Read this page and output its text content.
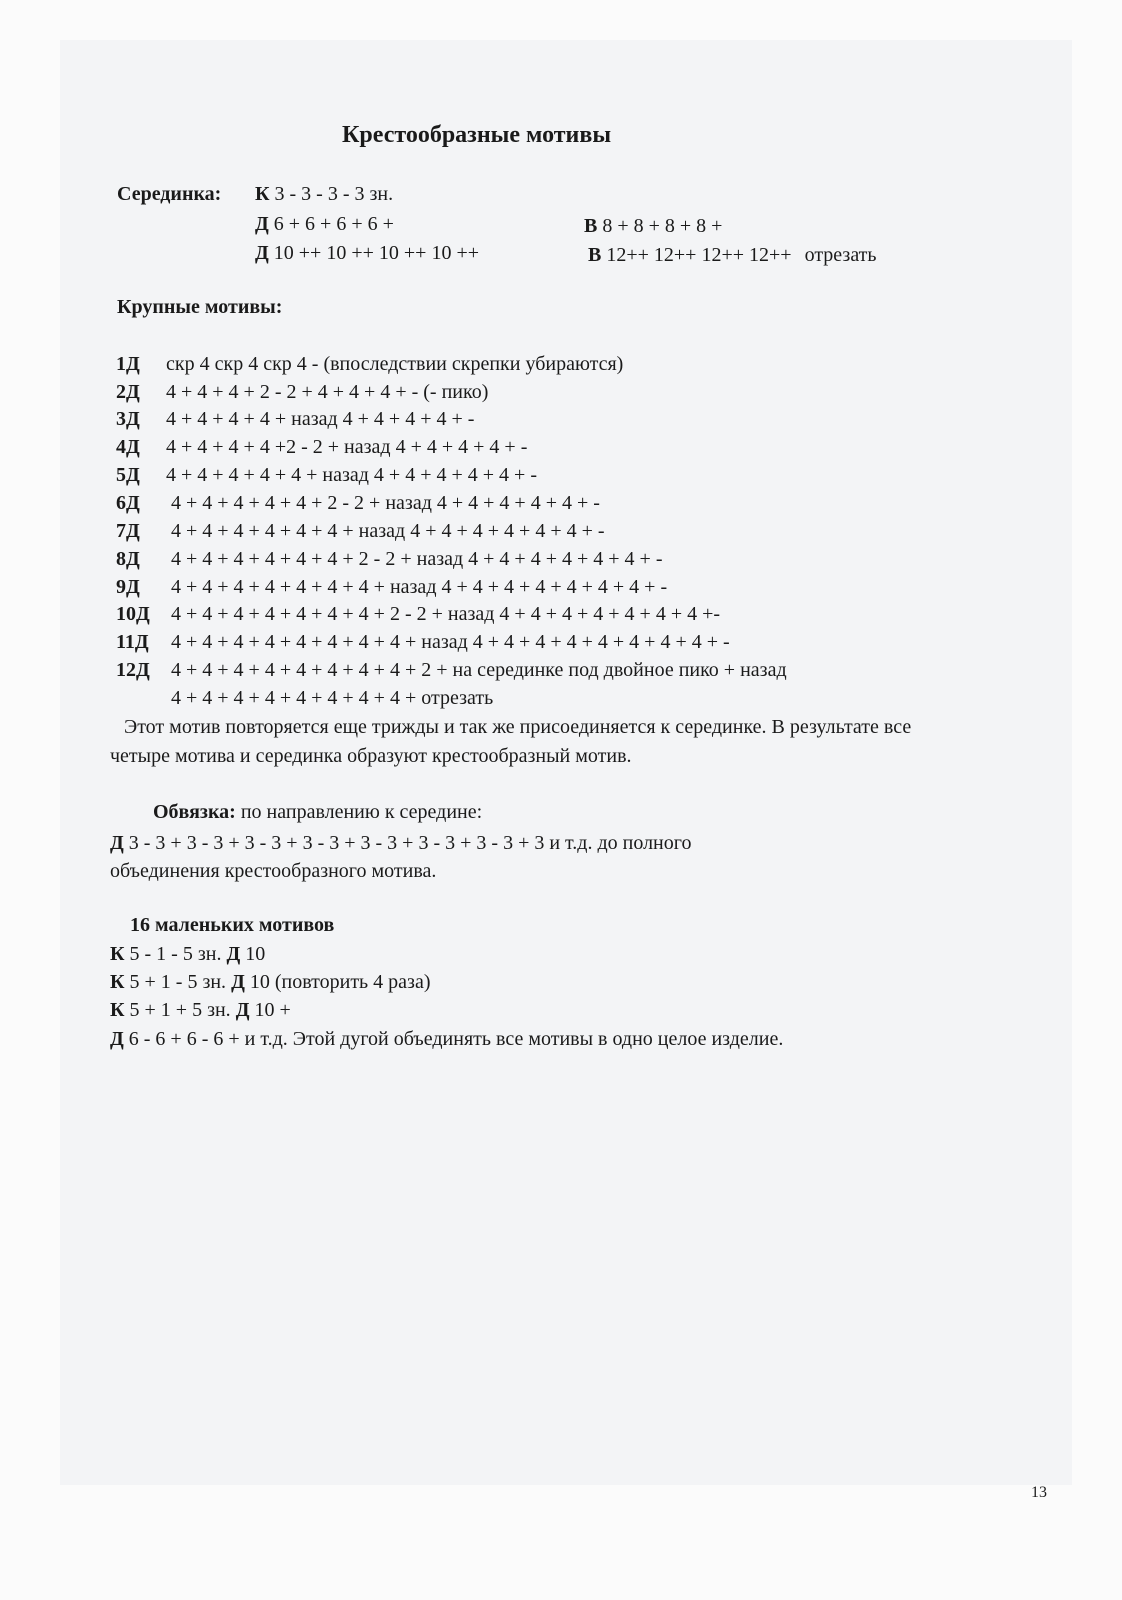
Крестообразные мотивы
Серединка: К 3 - 3 - 3 - 3 зн.
Д 6 + 6 + 6 + 6 +	В 8 + 8 + 8 + 8 +
Д 10 ++ 10 ++ 10 ++ 10 ++	В 12++ 12++ 12++ 12++ отрезать
Крупные мотивы:
1Д скр 4 скр 4 скр 4 - (впоследствии скрепки убираются)
2Д 4 + 4 + 4 + 2 - 2 + 4 + 4 + 4 + - (- пико)
3Д 4 + 4 + 4 + 4 + назад 4 + 4 + 4 + 4 + -
4Д 4 + 4 + 4 + 4 +2 - 2 + назад 4 + 4 + 4 + 4 + -
5Д 4 + 4 + 4 + 4 + 4 + назад 4 + 4 + 4 + 4 + 4 + -
6Д 4 + 4 + 4 + 4 + 4 + 2 - 2 + назад 4 + 4 + 4 + 4 + 4 + -
7Д 4 + 4 + 4 + 4 + 4 + 4 + назад 4 + 4 + 4 + 4 + 4 + 4 + -
8Д 4 + 4 + 4 + 4 + 4 + 4 + 2 - 2 + назад 4 + 4 + 4 + 4 + 4 + 4 + -
9Д 4 + 4 + 4 + 4 + 4 + 4 + 4 + назад 4 + 4 + 4 + 4 + 4 + 4 + 4 + -
10Д 4 + 4 + 4 + 4 + 4 + 4 + 4 + 2 - 2 + назад 4 + 4 + 4 + 4 + 4 + 4 + 4 +-
11Д 4 + 4 + 4 + 4 + 4 + 4 + 4 + 4 + назад 4 + 4 + 4 + 4 + 4 + 4 + 4 + 4 + -
12Д 4 + 4 + 4 + 4 + 4 + 4 + 4 + 4 + 2 + на серединке под двойное пико + назад
4 + 4 + 4 + 4 + 4 + 4 + 4 + 4 + отрезать
Этот мотив повторяется еще трижды и так же присоединяется к серединке. В результате все
четыре мотива и серединка образуют крестообразный мотив.
Обвязка: по направлению к середине:
Д 3 - 3 + 3 - 3 + 3 - 3 + 3 - 3 + 3 - 3 + 3 - 3 + 3 - 3 + 3 и т.д. до полного
объединения крестообразного мотива.
16 маленьких мотивов
К 5 - 1 - 5 зн. Д 10
К 5 + 1 - 5 зн. Д 10 (повторить 4 раза)
К 5 + 1 + 5 зн. Д 10 +
Д 6 - 6 + 6 - 6 + и т.д. Этой дугой объединять все мотивы в одно целое изделие.
13
